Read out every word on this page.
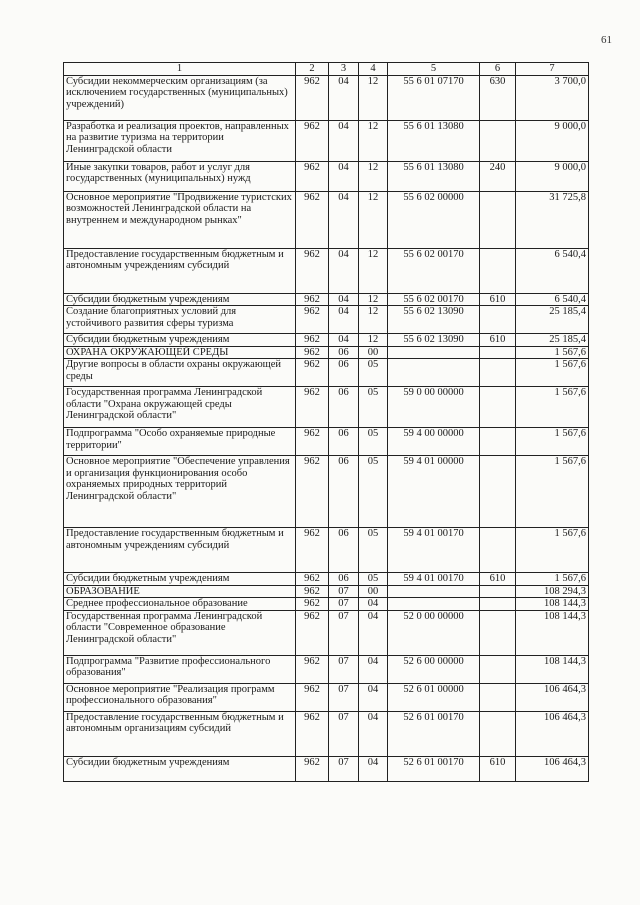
61
1	2	3	4	5	6	7
Субсидии некоммерческим организациям (за исключением государственных (муниципальных) учреждений)	962	04	12	55 6 01 07170	630	3 700,0
Разработка и реализация проектов, направленных на развитие туризма на территории Ленинградской области	962	04	12	55 6 01 13080		9 000,0
Иные закупки товаров, работ и услуг для государственных (муниципальных) нужд	962	04	12	55 6 01 13080	240	9 000,0
Основное мероприятие "Продвижение туристских возможностей Ленинградской области на внутреннем и международном рынках"	962	04	12	55 6 02 00000		31 725,8
Предоставление государственным бюджетным и автономным учреждениям субсидий	962	04	12	55 6 02 00170		6 540,4
Субсидии бюджетным учреждениям	962	04	12	55 6 02 00170	610	6 540,4
Создание благоприятных условий для устойчивого развития сферы туризма	962	04	12	55 6 02 13090		25 185,4
Субсидии бюджетным учреждениям	962	04	12	55 6 02 13090	610	25 185,4
ОХРАНА ОКРУЖАЮЩЕЙ СРЕДЫ	962	06	00			1 567,6
Другие вопросы в области охраны окружающей среды	962	06	05			1 567,6
Государственная программа Ленинградской области "Охрана окружающей среды Ленинградской области"	962	06	05	59 0 00 00000		1 567,6
Подпрограмма "Особо охраняемые природные территории"	962	06	05	59 4 00 00000		1 567,6
Основное мероприятие "Обеспечение управления и организация функционирования особо охраняемых природных территорий Ленинградской области"	962	06	05	59 4 01 00000		1 567,6
Предоставление государственным бюджетным и автономным учреждениям субсидий	962	06	05	59 4 01 00170		1 567,6
Субсидии бюджетным учреждениям	962	06	05	59 4 01 00170	610	1 567,6
ОБРАЗОВАНИЕ	962	07	00			108 294,3
Среднее профессиональное образование	962	07	04			108 144,3
Государственная программа Ленинградской области "Современное образование Ленинградской области"	962	07	04	52 0 00 00000		108 144,3
Подпрограмма "Развитие профессионального образования"	962	07	04	52 6 00 00000		108 144,3
Основное мероприятие "Реализация программ профессионального образования"	962	07	04	52 6 01 00000		106 464,3
Предоставление государственным бюджетным и автономным организациям субсидий	962	07	04	52 6 01 00170		106 464,3
Субсидии бюджетным учреждениям	962	07	04	52 6 01 00170	610	106 464,3
